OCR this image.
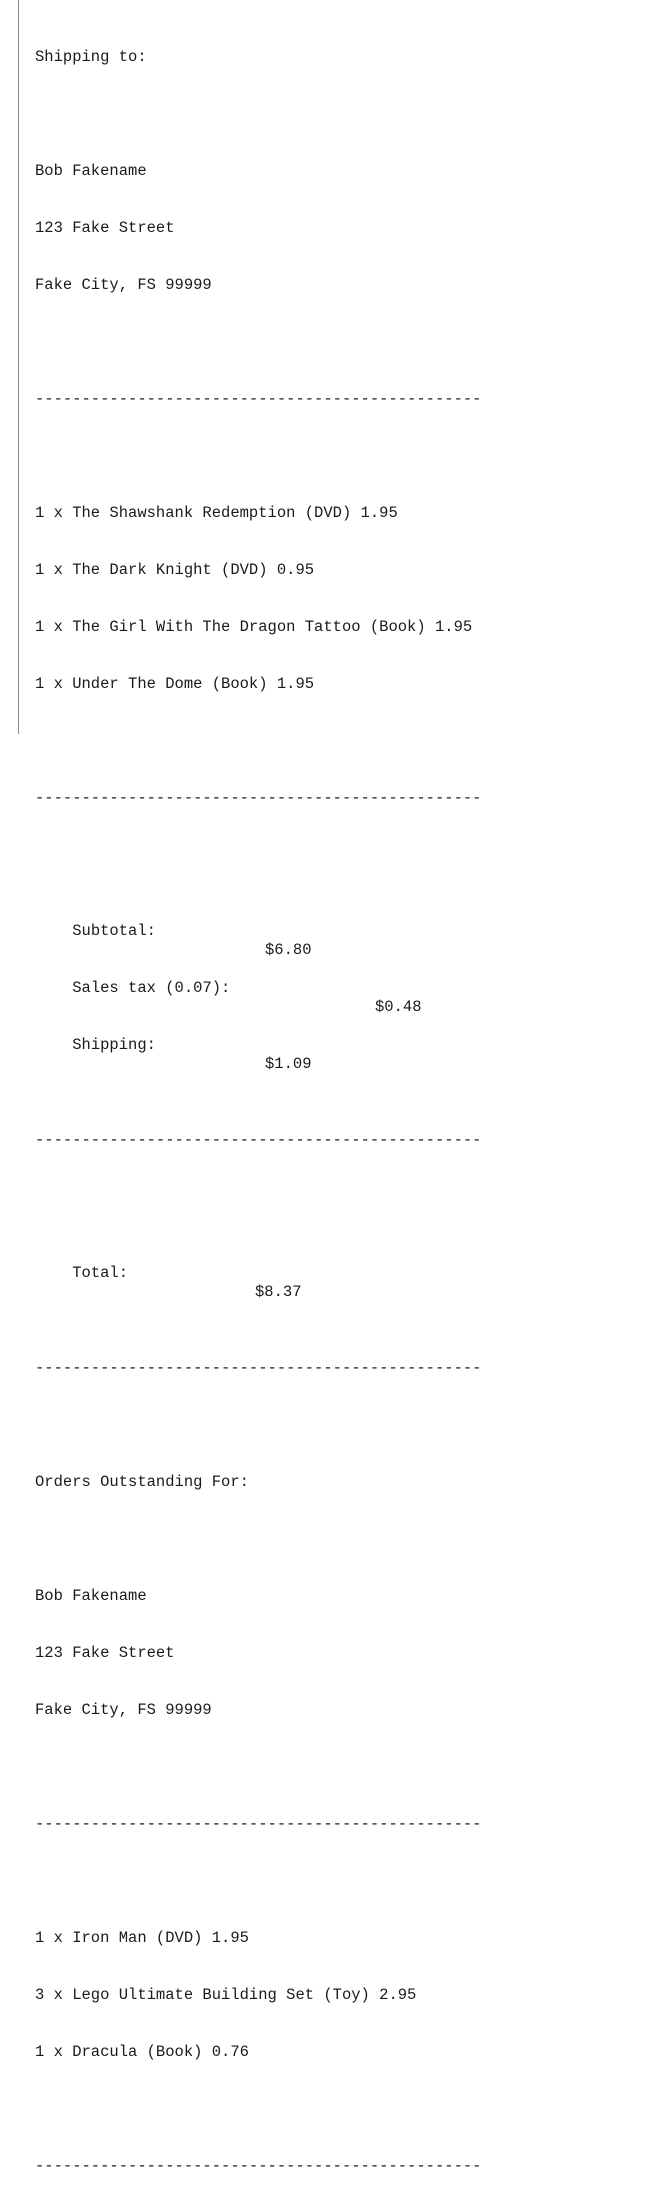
Shipping to:

Bob Fakename

123 Fake Street

Fake City, FS 99999

------------------------------------------------

1 x The Shawshank Redemption (DVD) 1.95

1 x The Dark Knight (DVD) 0.95

1 x The Girl With The Dragon Tattoo (Book) 1.95

1 x Under The Dome (Book) 1.95

------------------------------------------------

Subtotal:

$6.80

Sales tax (0.07):

$0.48

Shipping:

$1.09

------------------------------------------------

Total:

$8.37

------------------------------------------------

Orders Outstanding For:

Bob Fakename

123 Fake Street

Fake City, FS 99999

------------------------------------------------

1 x Iron Man (DVD) 1.95

3 x Lego Ultimate Building Set (Toy) 2.95

1 x Dracula (Book) 0.76

------------------------------------------------
